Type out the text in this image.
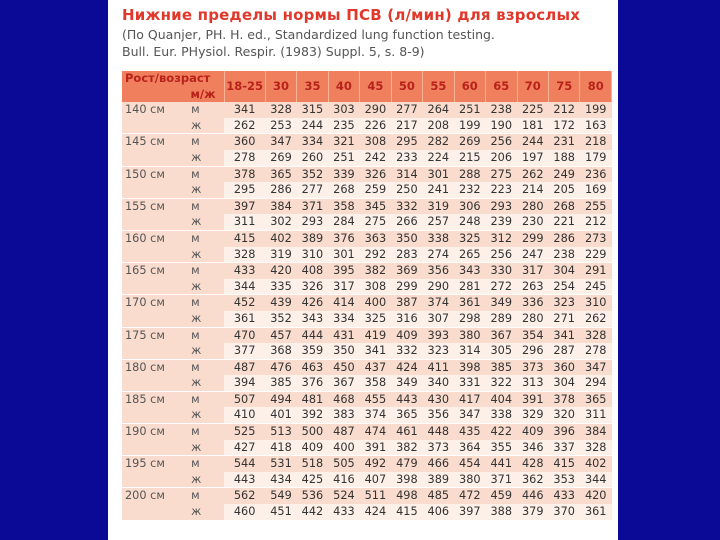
Нижние пределы нормы ПСВ (л/мин) для взрослых
(По Quanjer, PH. H. ed., Standardized lung function testing.
Bull. Eur. PHysiol. Respir. (1983) Suppl. 5, s. 8-9)
Рост/возраст		18-25	30	35	40	45	50	55	60	65	70	75	80
м/ж													
140 см	м	341	328	315	303	290	277	264	251	238	225	212	199
	ж	262	253	244	235	226	217	208	199	190	181	172	163
145 см	м	360	347	334	321	308	295	282	269	256	244	231	218
	ж	278	269	260	251	242	233	224	215	206	197	188	179
150 см	м	378	365	352	339	326	314	301	288	275	262	249	236
	ж	295	286	277	268	259	250	241	232	223	214	205	169
155 см	м	397	384	371	358	345	332	319	306	293	280	268	255
	ж	311	302	293	284	275	266	257	248	239	230	221	212
160 см	м	415	402	389	376	363	350	338	325	312	299	286	273
	ж	328	319	310	301	292	283	274	265	256	247	238	229
165 см	м	433	420	408	395	382	369	356	343	330	317	304	291
	ж	344	335	326	317	308	299	290	281	272	263	254	245
170 см	м	452	439	426	414	400	387	374	361	349	336	323	310
	ж	361	352	343	334	325	316	307	298	289	280	271	262
175 см	м	470	457	444	431	419	409	393	380	367	354	341	328
	ж	377	368	359	350	341	332	323	314	305	296	287	278
180 см	м	487	476	463	450	437	424	411	398	385	373	360	347
	ж	394	385	376	367	358	349	340	331	322	313	304	294
185 см	м	507	494	481	468	455	443	430	417	404	391	378	365
	ж	410	401	392	383	374	365	356	347	338	329	320	311
190 см	м	525	513	500	487	474	461	448	435	422	409	396	384
	ж	427	418	409	400	391	382	373	364	355	346	337	328
195 см	м	544	531	518	505	492	479	466	454	441	428	415	402
	ж	443	434	425	416	407	398	389	380	371	362	353	344
200 см	м	562	549	536	524	511	498	485	472	459	446	433	420
	ж	460	451	442	433	424	415	406	397	388	379	370	361
